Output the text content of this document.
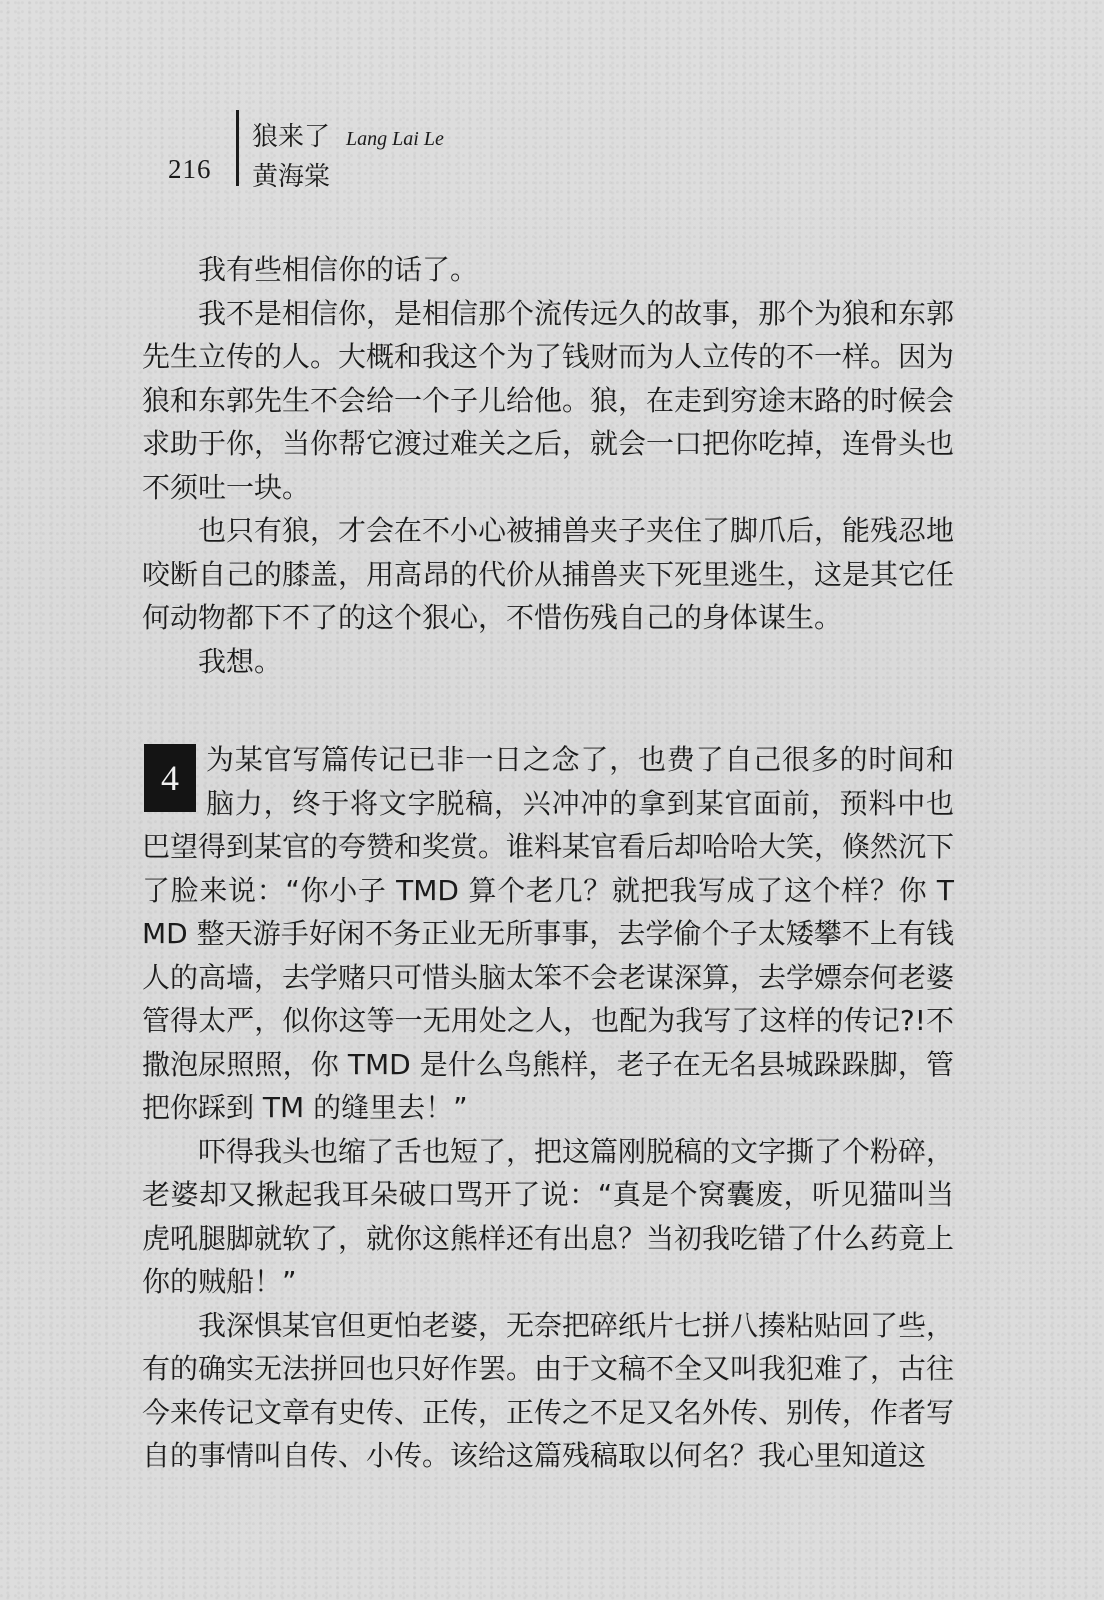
216
狼来了 Lang Lai Le
黄海棠

我有些相信你的话了。

我不是相信你，是相信那个流传远久的故事，那个为狼和东郭先生立传的人。大概和我这个为了钱财而为人立传的不一样。因为狼和东郭先生不会给一个子儿给他。狼，在走到穷途末路的时候会求助于你，当你帮它渡过难关之后，就会一口把你吃掉，连骨头也不须吐一块。

也只有狼，才会在不小心被捕兽夹子夹住了脚爪后，能残忍地咬断自己的膝盖，用高昂的代价从捕兽夹下死里逃生，这是其它任何动物都下不了的这个狠心，不惜伤残自己的身体谋生。

我想。

4 为某官写篇传记已非一日之念了，也费了自己很多的时间和脑力，终于将文字脱稿，兴冲冲的拿到某官面前，预料中也巴望得到某官的夸赞和奖赏。谁料某官看后却哈哈大笑，倏然沉下了脸来说：“你小子 TMD 算个老几？就把我写成了这个样？你 TMD 整天游手好闲不务正业无所事事，去学偷个子太矮攀不上有钱人的高墙，去学赌只可惜头脑太笨不会老谋深算，去学嫖奈何老婆管得太严，似你这等一无用处之人，也配为我写了这样的传记?!不撒泡尿照照，你 TMD 是什么鸟熊样，老子在无名县城跺跺脚，管把你踩到 TM 的缝里去！”

吓得我头也缩了舌也短了，把这篇刚脱稿的文字撕了个粉碎，老婆却又揪起我耳朵破口骂开了说：“真是个窝囊废，听见猫叫当虎吼腿脚就软了，就你这熊样还有出息？当初我吃错了什么药竟上你的贼船！”

我深惧某官但更怕老婆，无奈把碎纸片七拼八揍粘贴回了些，有的确实无法拼回也只好作罢。由于文稿不全又叫我犯难了，古往今来传记文章有史传、正传，正传之不足又名外传、别传，作者写自的事情叫自传、小传。该给这篇残稿取以何名？我心里知道这
